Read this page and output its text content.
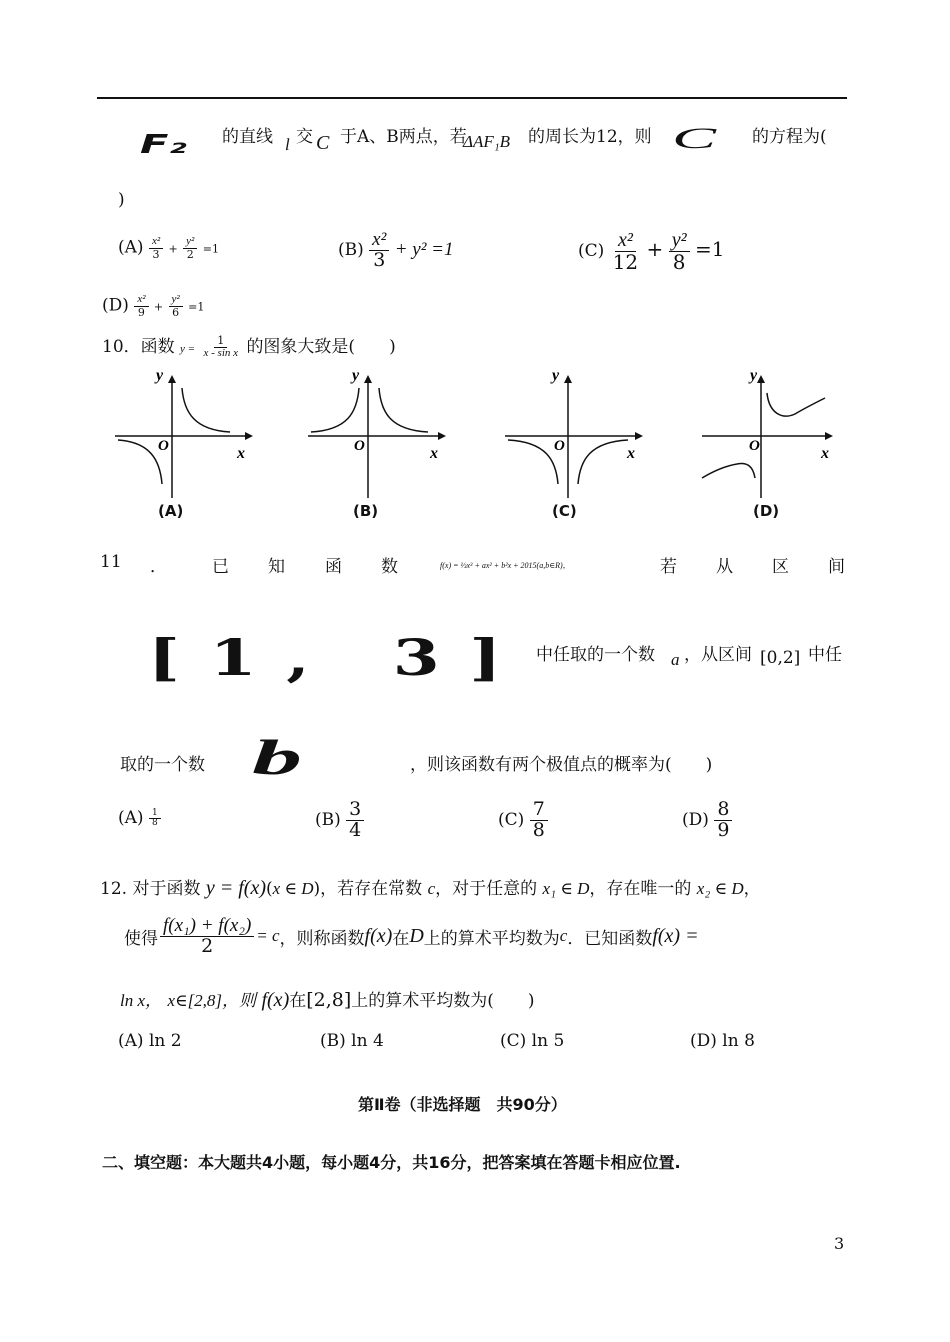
F₂ 的直线 l 交 C 于A、B两点，若
ΔAF₁B 的周长为12，则 C 的方程为(
)
$(A) \frac{\text{x²}}{3} + \frac{\text{y²}}{2} =1$	$(B) \frac{\text{x²}}{3} + y^2 =1$	$(C) \frac{\text{x²}}{12} + \frac{\text{y²}}{8} =1$
$(D) \frac{\text{x²}}{9} + \frac{\text{y²}}{6} =1$
10．函数 $y = \frac{1}{\text{x - sin x}}$ 的图象大致是(　　)
y
x
O
(A)
y
x
O
(B)
y
x
O
(C)
y
x
O
(D)
11 ．	已 知 函 数	f(x) = ⅓x³ + ax² + b²x + 2015(a,b∈R)，	若 从 区 间
[1, 3] 中任取的一个数 a ，从区间 [0,2] 中任
取的一个数 b	，则该函数有两个极值点的概率为(　　)
$(A) \frac{1}{8}$	$(B) \frac{3}{4}$	$(C) \frac{7}{8}$	$(D) \frac{8}{9}$
12. 对于函数 y = f(x)(x ∈ D)，若存在常数 c，对于任意的 x₁ ∈ D，存在唯一的 x₂ ∈ D，
使得 $\frac{\text{f(x₁) + f(x₂)}}{2} = c$ ，则称函数 f(x) 在 D 上的算术平均数为 c ．已知函数 f(x) =
ln x， x∈[2,8]，则 f(x)在[2,8]上的算术平均数为(　　)
(A) ln 2	(B) ln 4	(C) ln 5	(D) ln 8
第Ⅱ卷（非选择题　共90分）
二、填空题：本大题共4小题，每小题4分，共16分，把答案填在答题卡相应位置.
3
